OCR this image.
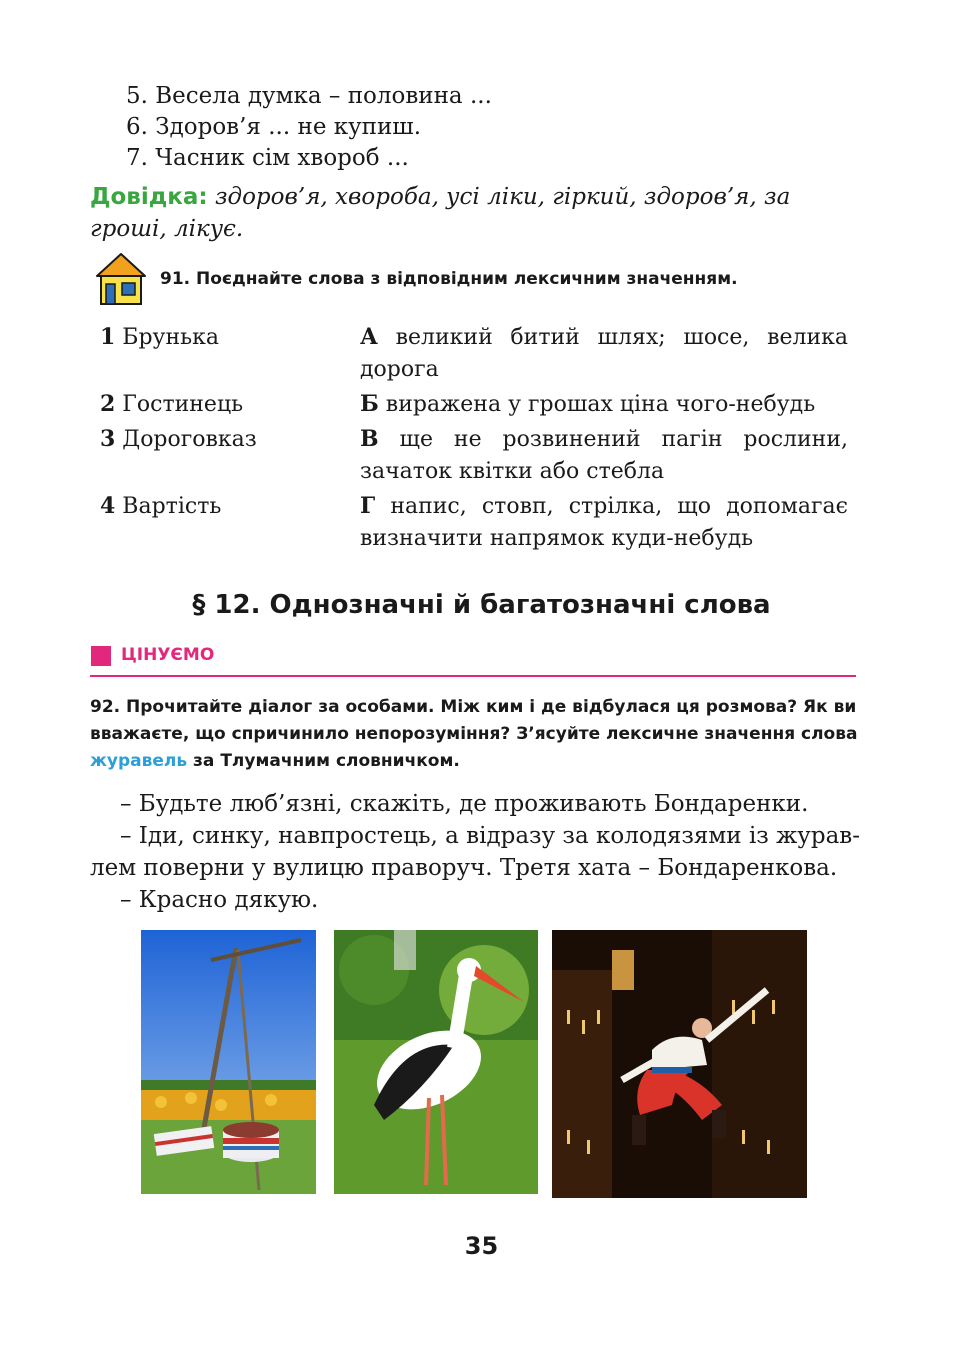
5. Весела думка – половина ...
6. Здоров’я ... не купиш.
7. Часник сім хвороб ...
Довідка: здоров’я, хвороба, усі ліки, гіркий, здоров’я, за гроші, лікує.
91. Поєднайте слова з відповідним лексичним значенням.
1 Брунька	А великий битий шлях; шосе, велика дорога
2 Гостинець	Б виражена у грошах ціна чого-небудь
3 Дороговказ	В ще не розвинений пагін рослини, зачаток квітки або стебла
4 Вартість	Г напис, стовп, стрілка, що допомагає визначити напрямок куди-небудь
§ 12. Однозначні й багатозначні слова
ЦІНУЄМО
92. Прочитайте діалог за особами. Між ким і де відбулася ця розмова? Як ви вважаєте, що спричинило непорозуміння? З’ясуйте лексичне значення слова журавель за Тлумачним словничком.
– Будьте люб’язні, скажіть, де проживають Бондаренки.
– Іди, синку, навпростець, а відразу за колодязями із журав-
лем поверни у вулицю праворуч. Третя хата – Бондаренкова.
– Красно дякую.
35
